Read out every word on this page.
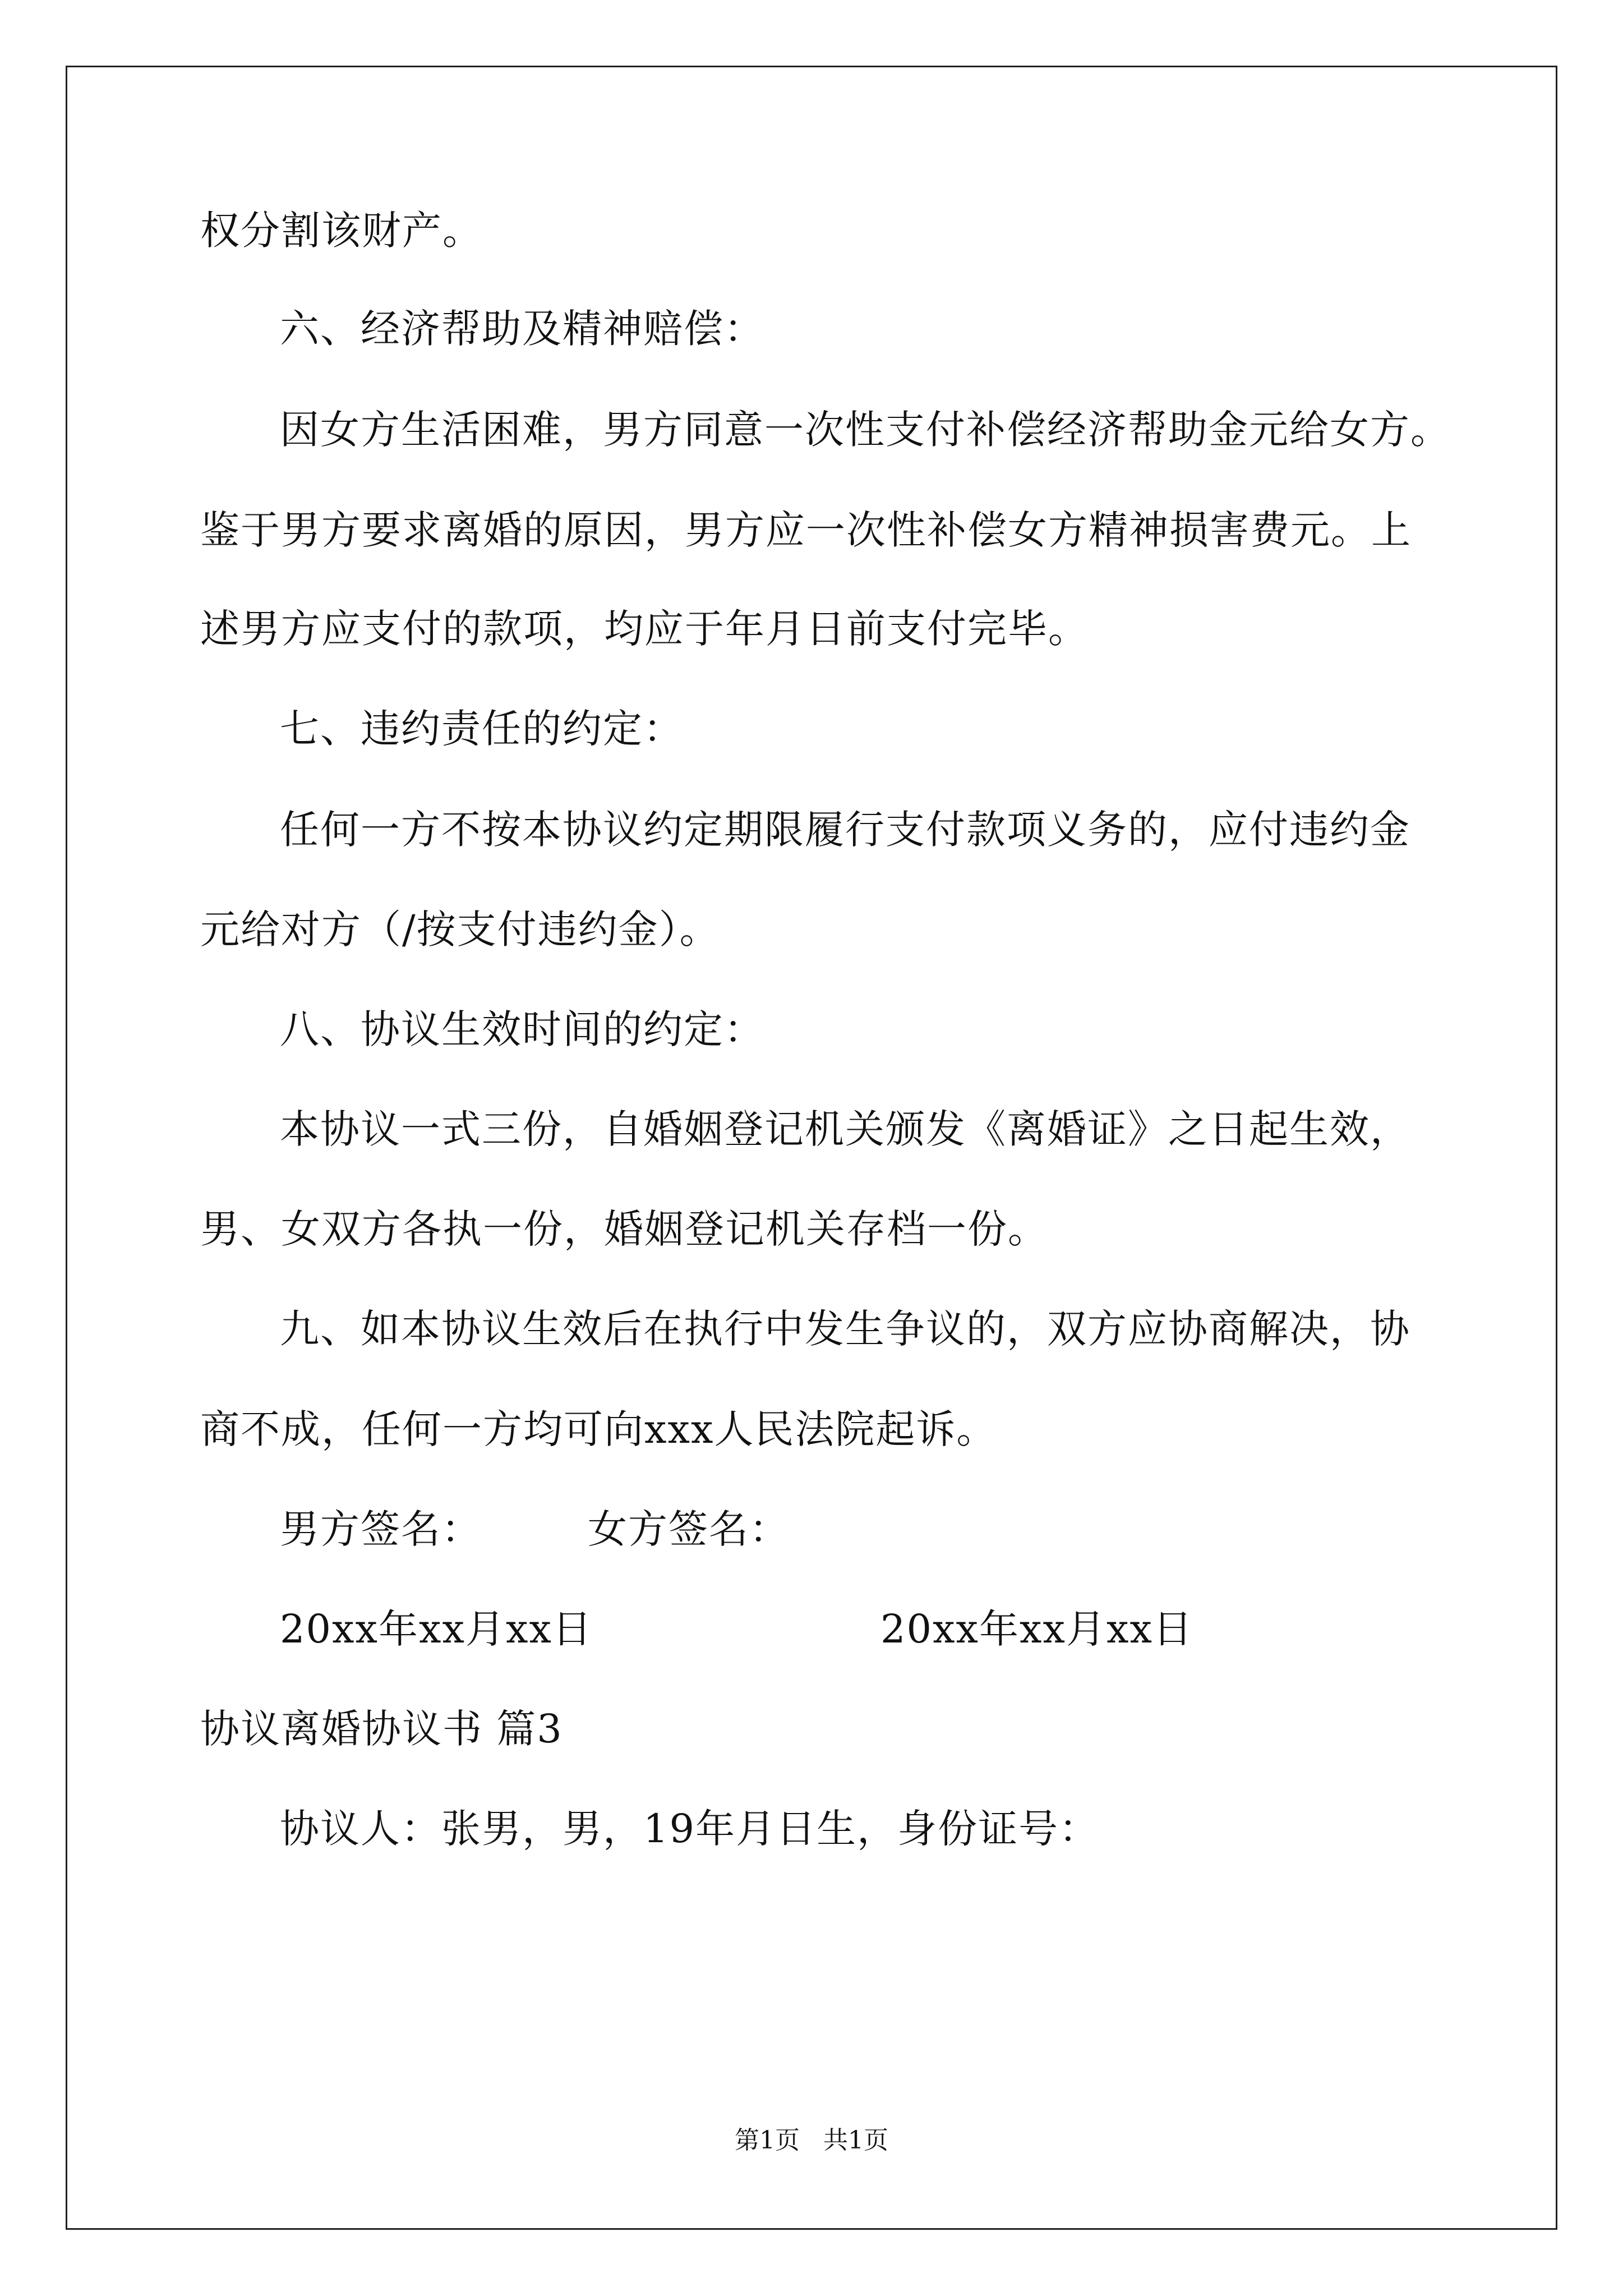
权分割该财产。
六、经济帮助及精神赔偿：
因女方生活困难，男方同意一次性支付补偿经济帮助金元给女方。
鉴于男方要求离婚的原因，男方应一次性补偿女方精神损害费元。上
述男方应支付的款项，均应于年月日前支付完毕。
七、违约责任的约定：
任何一方不按本协议约定期限履行支付款项义务的，应付违约金
元给对方（/按支付违约金）。
八、协议生效时间的约定：
本协议一式三份，自婚姻登记机关颁发《离婚证》之日起生效，
男、女双方各执一份，婚姻登记机关存档一份。
九、如本协议生效后在执行中发生争议的，双方应协商解决，协
商不成，任何一方均可向xxx人民法院起诉。
男方签名：	女方签名：
20xx年xx月xx日	20xx年xx月xx日
协议离婚协议书 篇3
协议人：张男，男，19年月日生，身份证号：
第1页 共1页
